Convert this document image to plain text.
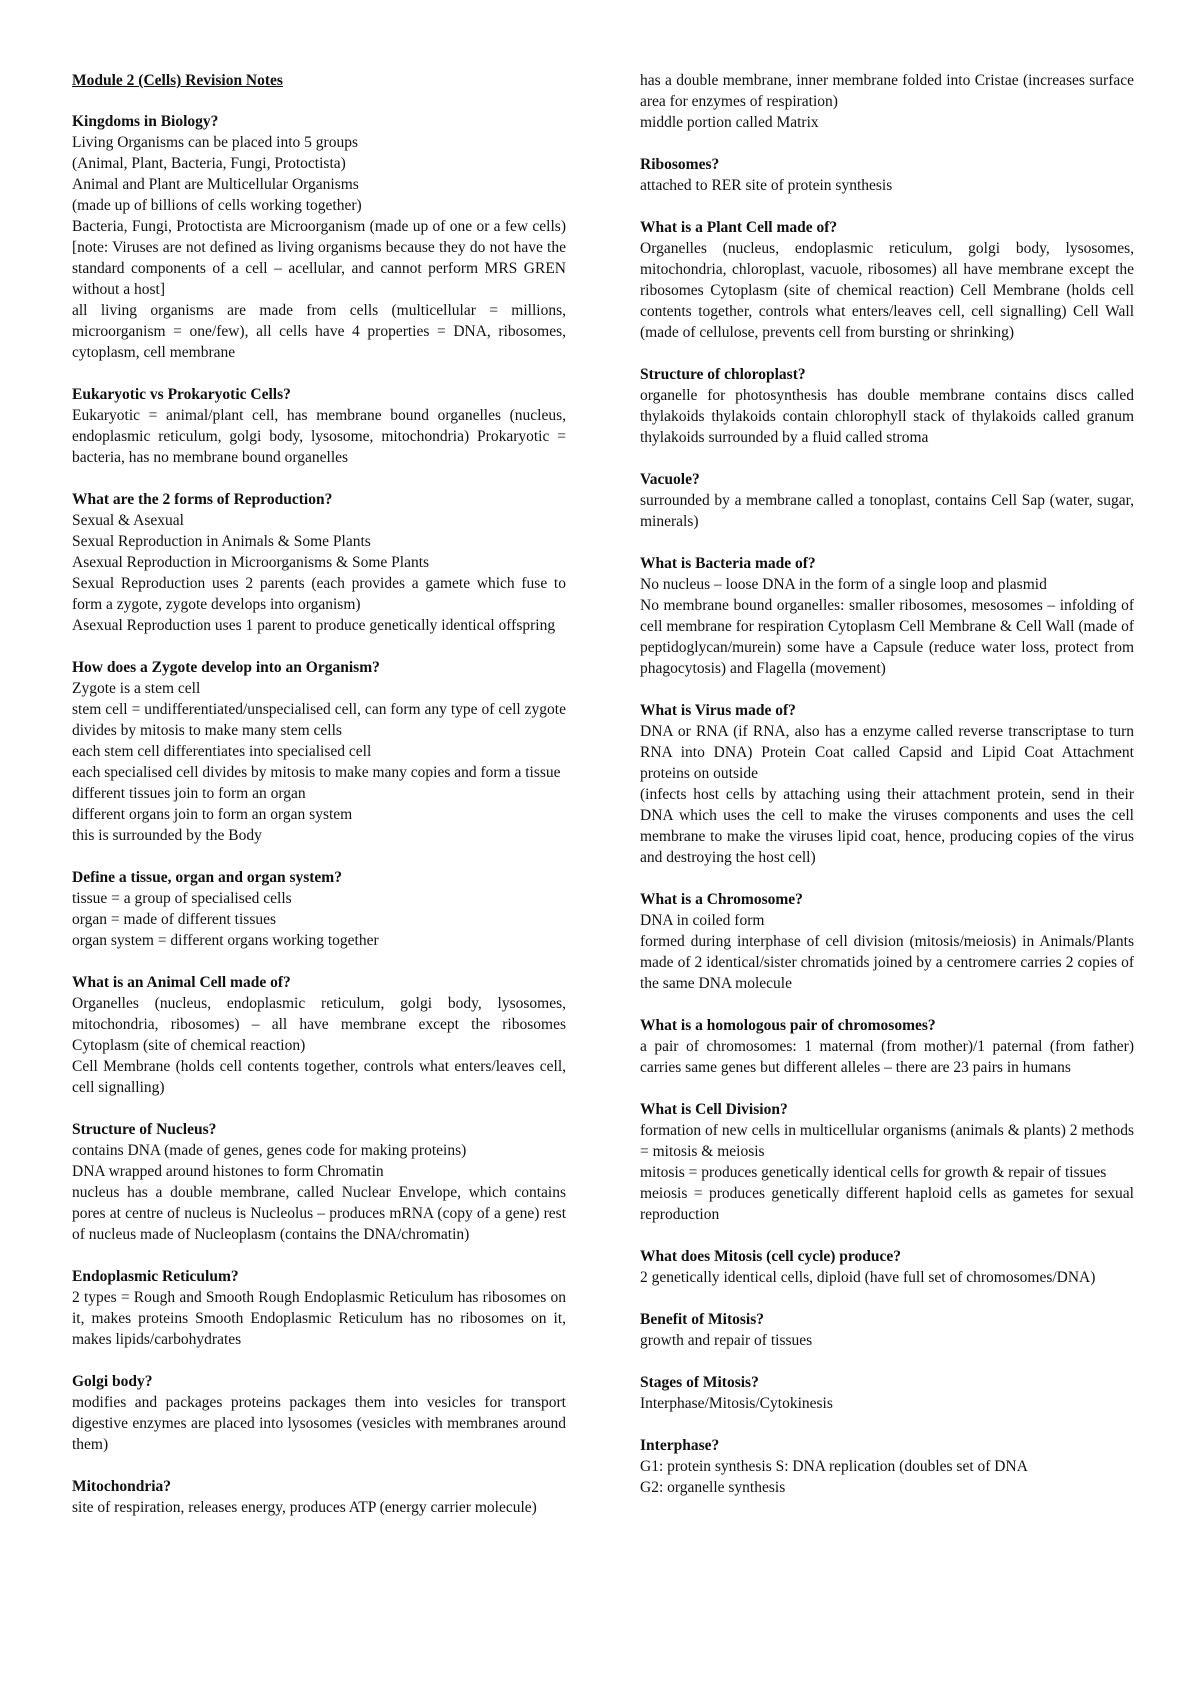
Module 2 (Cells) Revision Notes
Kingdoms in Biology?

Living Organisms can be placed into 5 groups

(Animal, Plant, Bacteria, Fungi, Protoctista)

Animal and Plant are Multicellular Organisms

(made up of billions of cells working together)

Bacteria, Fungi, Protoctista are Microorganism (made up of one or a few cells) [note: Viruses are not defined as living organisms because they do not have the standard components of a cell – acellular, and cannot perform MRS GREN without a host]

all living organisms are made from cells (multicellular = millions, microorganism = one/few), all cells have 4 properties = DNA, ribosomes, cytoplasm, cell membrane

Eukaryotic vs Prokaryotic Cells?

Eukaryotic = animal/plant cell, has membrane bound organelles (nucleus, endoplasmic reticulum, golgi body, lysosome, mitochondria) Prokaryotic = bacteria, has no membrane bound organelles

What are the 2 forms of Reproduction?

Sexual & Asexual

Sexual Reproduction in Animals & Some Plants

Asexual Reproduction in Microorganisms & Some Plants

Sexual Reproduction uses 2 parents (each provides a gamete which fuse to form a zygote, zygote develops into organism)

Asexual Reproduction uses 1 parent to produce genetically identical offspring

How does a Zygote develop into an Organism?

Zygote is a stem cell

stem cell = undifferentiated/unspecialised cell, can form any type of cell zygote divides by mitosis to make many stem cells

each stem cell differentiates into specialised cell

each specialised cell divides by mitosis to make many copies and form a tissue

different tissues join to form an organ

different organs join to form an organ system

this is surrounded by the Body

Define a tissue, organ and organ system?

tissue = a group of specialised cells

organ = made of different tissues

organ system = different organs working together

What is an Animal Cell made of?

Organelles (nucleus, endoplasmic reticulum, golgi body, lysosomes, mitochondria, ribosomes) – all have membrane except the ribosomes Cytoplasm (site of chemical reaction)

Cell Membrane (holds cell contents together, controls what enters/leaves cell, cell signalling)

Structure of Nucleus?

contains DNA (made of genes, genes code for making proteins)

DNA wrapped around histones to form Chromatin

nucleus has a double membrane, called Nuclear Envelope, which contains pores at centre of nucleus is Nucleolus – produces mRNA (copy of a gene) rest of nucleus made of Nucleoplasm (contains the DNA/chromatin)

Endoplasmic Reticulum?

2 types = Rough and Smooth Rough Endoplasmic Reticulum has ribosomes on it, makes proteins Smooth Endoplasmic Reticulum has no ribosomes on it, makes lipids/carbohydrates

Golgi body?

modifies and packages proteins packages them into vesicles for transport digestive enzymes are placed into lysosomes (vesicles with membranes around them)

Mitochondria?

site of respiration, releases energy, produces ATP (energy carrier molecule)

has a double membrane, inner membrane folded into Cristae (increases surface area for enzymes of respiration)

middle portion called Matrix

Ribosomes?

attached to RER site of protein synthesis

What is a Plant Cell made of?

Organelles (nucleus, endoplasmic reticulum, golgi body, lysosomes, mitochondria, chloroplast, vacuole, ribosomes) all have membrane except the ribosomes Cytoplasm (site of chemical reaction) Cell Membrane (holds cell contents together, controls what enters/leaves cell, cell signalling) Cell Wall (made of cellulose, prevents cell from bursting or shrinking)

Structure of chloroplast?

organelle for photosynthesis has double membrane contains discs called thylakoids thylakoids contain chlorophyll stack of thylakoids called granum thylakoids surrounded by a fluid called stroma

Vacuole?

surrounded by a membrane called a tonoplast, contains Cell Sap (water, sugar, minerals)

What is Bacteria made of?

No nucleus – loose DNA in the form of a single loop and plasmid

No membrane bound organelles: smaller ribosomes, mesosomes – infolding of cell membrane for respiration Cytoplasm Cell Membrane & Cell Wall (made of peptidoglycan/murein) some have a Capsule (reduce water loss, protect from phagocytosis) and Flagella (movement)

What is Virus made of?

DNA or RNA (if RNA, also has a enzyme called reverse transcriptase to turn RNA into DNA) Protein Coat called Capsid and Lipid Coat Attachment proteins on outside

(infects host cells by attaching using their attachment protein, send in their DNA which uses the cell to make the viruses components and uses the cell membrane to make the viruses lipid coat, hence, producing copies of the virus and destroying the host cell)

What is a Chromosome?

DNA in coiled form

formed during interphase of cell division (mitosis/meiosis) in Animals/Plants made of 2 identical/sister chromatids joined by a centromere carries 2 copies of the same DNA molecule

What is a homologous pair of chromosomes?

a pair of chromosomes: 1 maternal (from mother)/1 paternal (from father) carries same genes but different alleles – there are 23 pairs in humans

What is Cell Division?

formation of new cells in multicellular organisms (animals & plants) 2 methods = mitosis & meiosis

mitosis = produces genetically identical cells for growth & repair of tissues

meiosis = produces genetically different haploid cells as gametes for sexual reproduction

What does Mitosis (cell cycle) produce?

2 genetically identical cells, diploid (have full set of chromosomes/DNA)

Benefit of Mitosis?

growth and repair of tissues

Stages of Mitosis?

Interphase/Mitosis/Cytokinesis

Interphase?

G1: protein synthesis S: DNA replication (doubles set of DNA

G2: organelle synthesis
